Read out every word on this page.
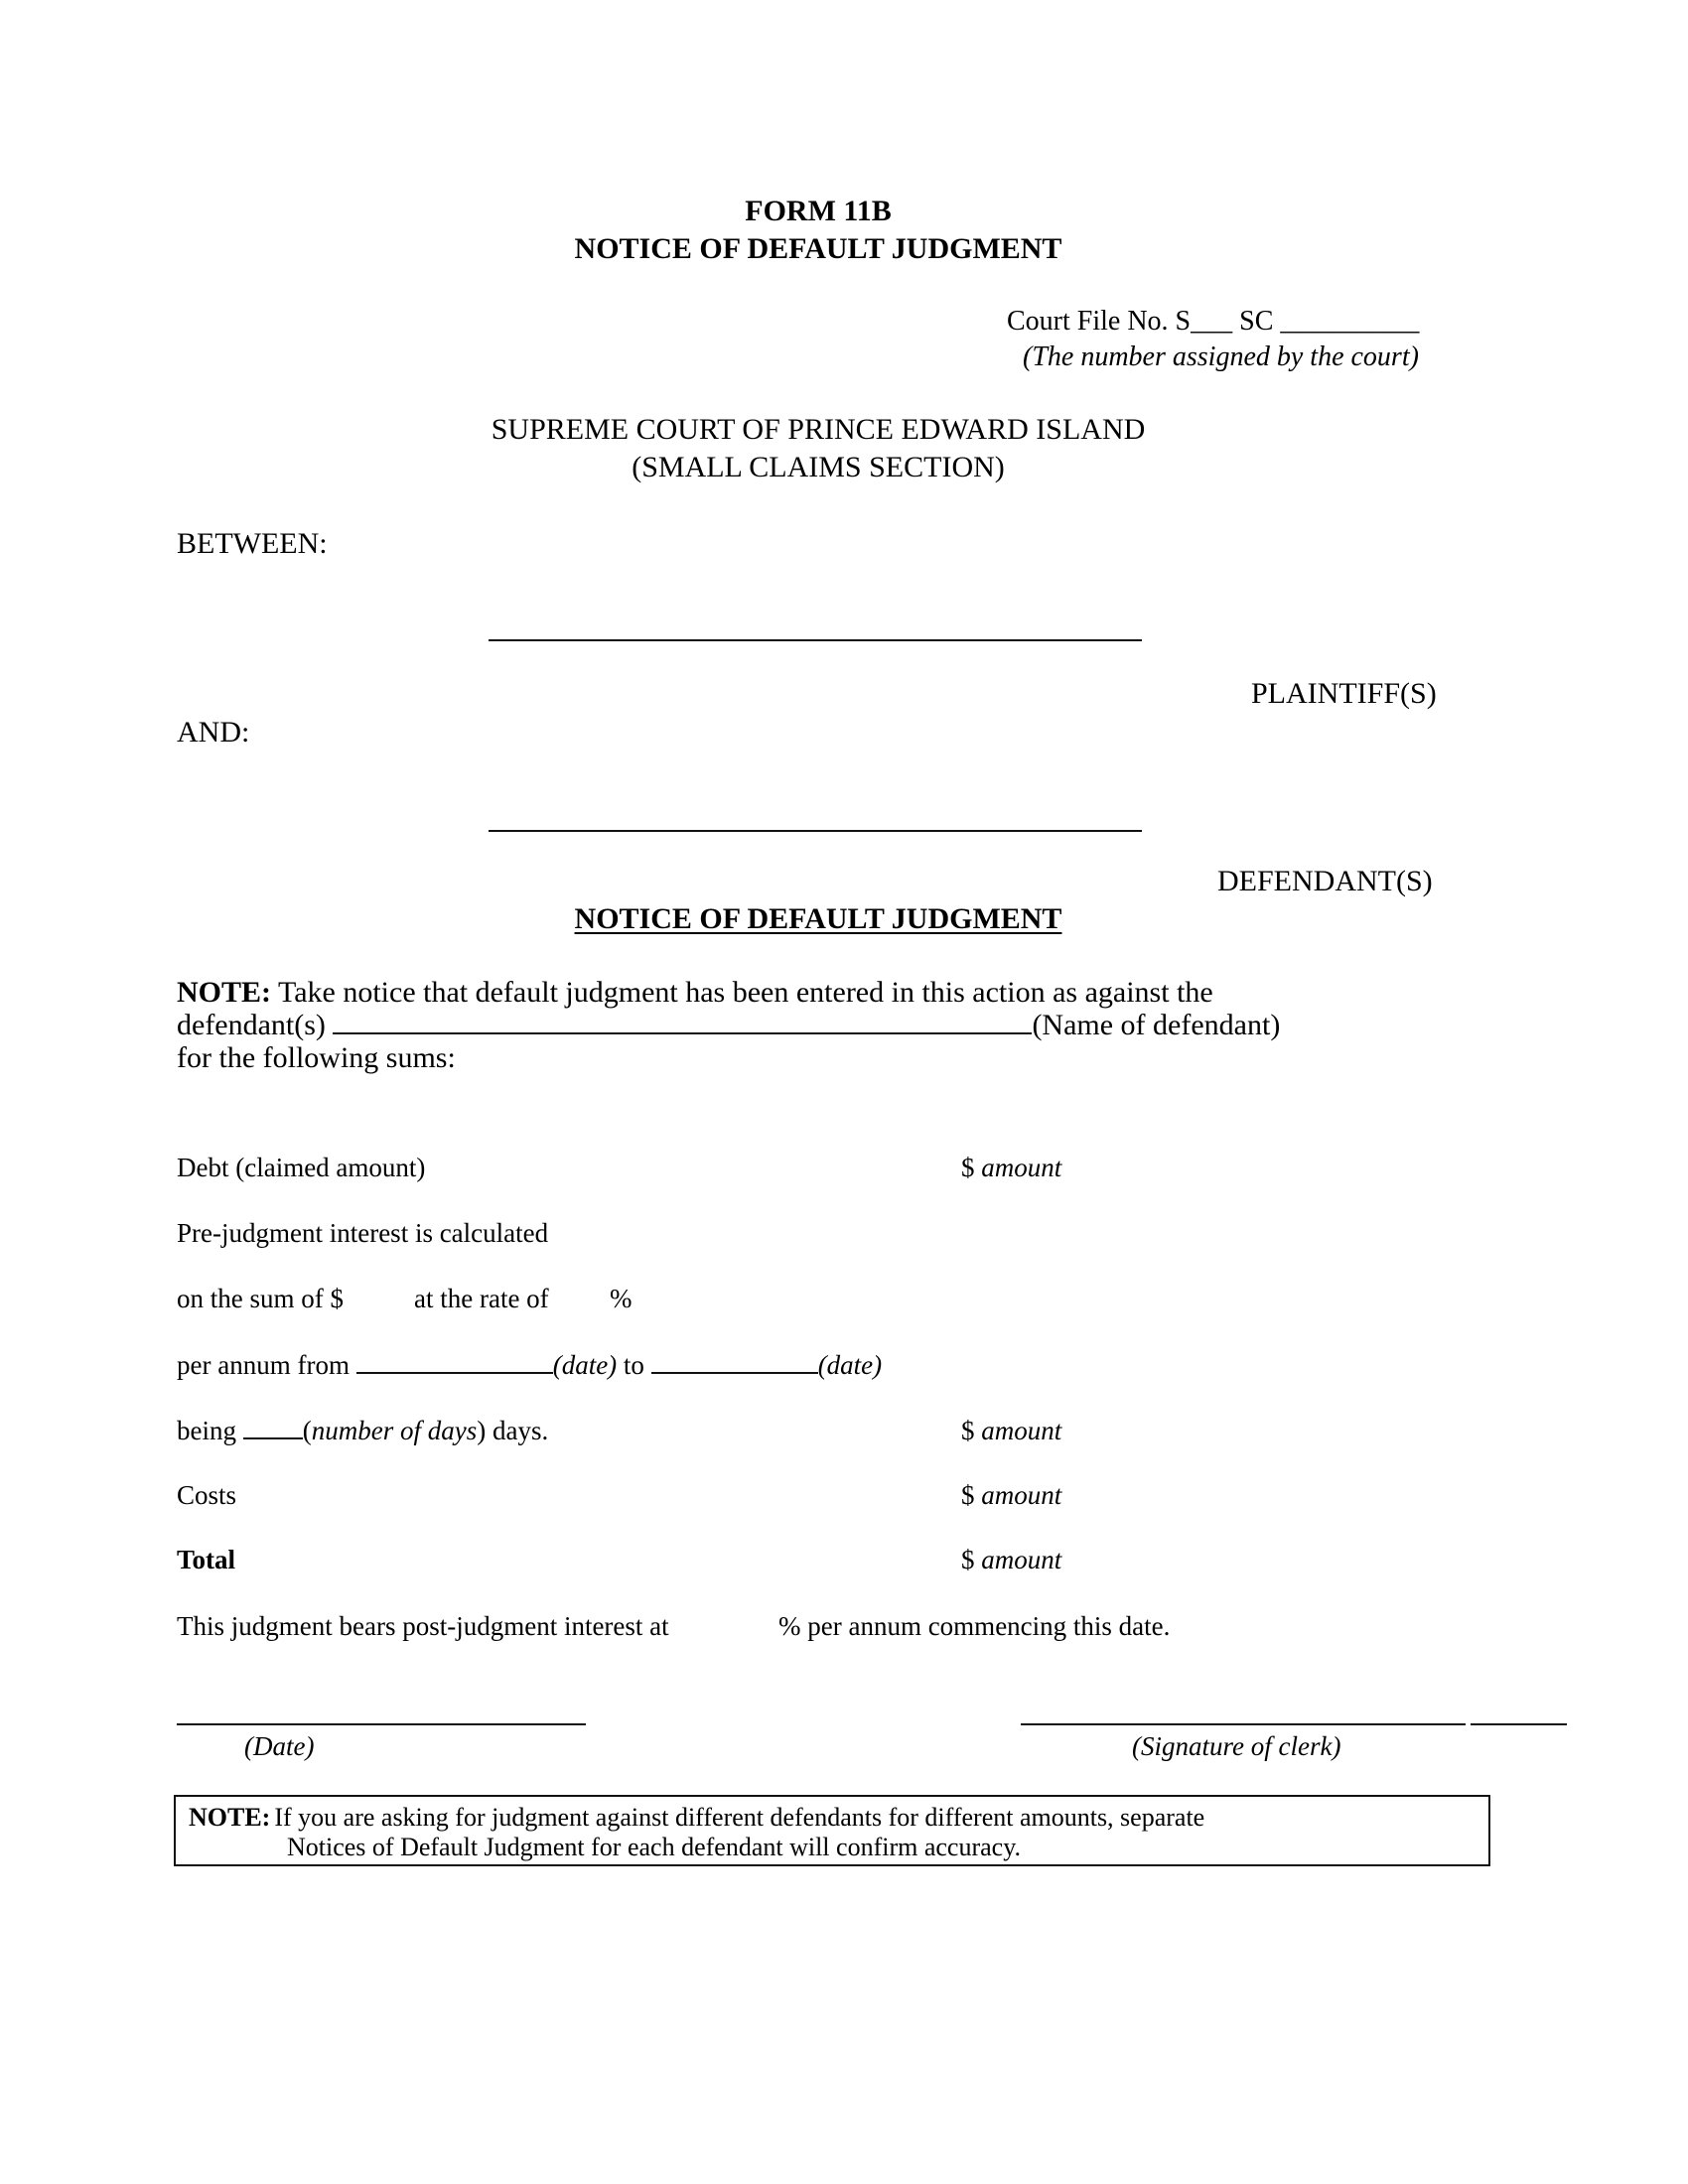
FORM 11B
NOTICE OF DEFAULT JUDGMENT
Court File No. S___ SC __________
(The number assigned by the court)
SUPREME COURT OF PRINCE EDWARD ISLAND
(SMALL CLAIMS SECTION)
BETWEEN:
PLAINTIFF(S)
AND:
DEFENDANT(S)
NOTICE OF DEFAULT JUDGMENT
NOTE: Take notice that default judgment has been entered in this action as against the
defendant(s)	(Name of defendant)
for the following sums:
Debt (claimed amount)	$ amount
Pre-judgment interest is calculated
on the sum of $	at the rate of %
per annum from	(date) to	(date)
being (number of days) days.	$ amount
Costs	$ amount
Total	$ amount
This judgment bears post-judgment interest at	% per annum commencing this date.
(Date)	(Signature of clerk)
NOTE: If you are asking for judgment against different defendants for different amounts, separate
Notices of Default Judgment for each defendant will confirm accuracy.
